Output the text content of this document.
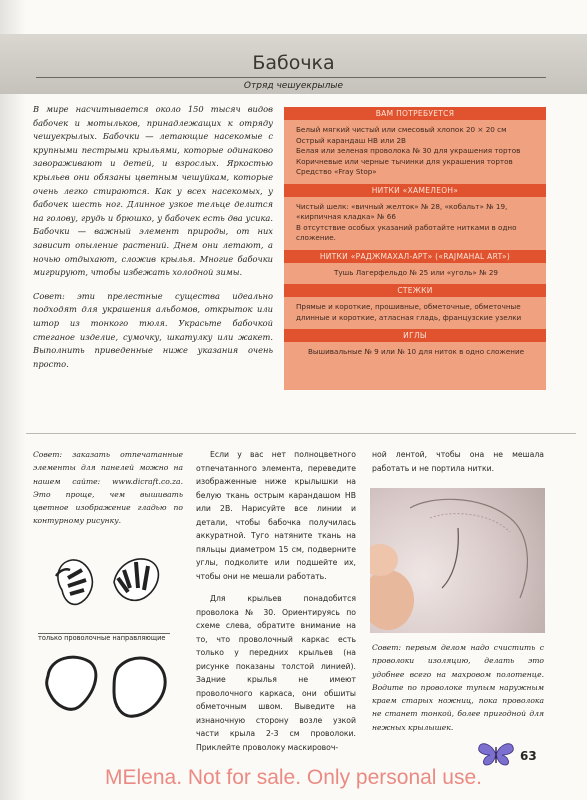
Бабочка
Отряд чешуекрылые

В мире насчитывается около 150 тысяч видов бабочек и мотыльков, принадлежащих к отряду чешуекрылых. Бабочки — летающие насекомые с крупными пестрыми крыльями, которые одинаково завораживают и детей, и взрослых. Яркостью крыльев они обязаны цветным чешуйкам, которые очень легко стираются. Как у всех насекомых, у бабочек шесть ног. Длинное узкое тельце делится на голову, грудь и брюшко, у бабочек есть два усика. Бабочки — важный элемент природы, от них зависит опыление растений. Днем они летают, а ночью отдыхают, сложив крылья. Многие бабочки мигрируют, чтобы избежать холодной зимы.

Совет: эти прелестные существа идеально подходят для украшения альбомов, открыток или штор из тонкого тюля. Украсьте бабочкой стеганое изделие, сумочку, шкатулку или жакет. Выполнить приведенные ниже указания очень просто.

ВАМ ПОТРЕБУЕТСЯ
Белый мягкий чистый или смесовый хлопок 20 × 20 см
Острый карандаш НВ или 2В
Белая или зеленая проволока № 30 для украшения тортов
Коричневые или черные тычинки для украшения тортов
Средство «Fray Stop»
НИТКИ «ХАМЕЛЕОН»
Чистый шелк: «вичный желток» № 28, «кобальт» № 19, «кирпичная кладка» № 66
В отсутствие особых указаний работайте нитками в одно сложение.
НИТКИ «РАДЖМАХАЛ-АРТ» («RAJMAHAL ART»)
Тушь Лагерфельдо № 25 или «уголь» № 29
СТЕЖКИ
Прямые и короткие, прошивные, обметочные, обметочные длинные и короткие, атласная гладь, французские узелки
ИГЛЫ
Вышивальные № 9 или № 10 для ниток в одно сложение
Совет: заказать отпечатанные элементы для панелей можно на нашем сайте: www.dicraft.co.za. Это проще, чем вышивать цветное изображение гладью по контурному рисунку.
только проволочные направляющие

Если у вас нет полноцветного отпечатанного элемента, переведите изображенные ниже крылышки на белую ткань острым карандашом НВ или 2В. Нарисуйте все линии и детали, чтобы бабочка получилась аккуратной. Туго натяните ткань на пяльцы диаметром 15 см, подверните углы, подколите или подшейте их, чтобы они не мешали работать.

Для крыльев понадобится проволока № 30. Ориентируясь по схеме слева, обратите внимание на то, что проволочный каркас есть только у передних крыльев (на рисунке показаны толстой линией). Задние крылья не имеют проволочного каркаса, они обшиты обметочным швом. Выведите на изнаночную сторону возле узкой части крыла 2-3 см проволоки. Приклейте проволоку маскировоч-

ной лентой, чтобы она не мешала работать и не портила нитки.

Совет: первым делом надо счистить с проволоки изоляцию, делать это удобнее всего на махровом полотенце. Водите по проволоке тупым наружным краем старых ножниц, пока проволока не станет тонкой, более пригодной для нежных крылышек.
63
MElena. Not for sale. Only personal use.
